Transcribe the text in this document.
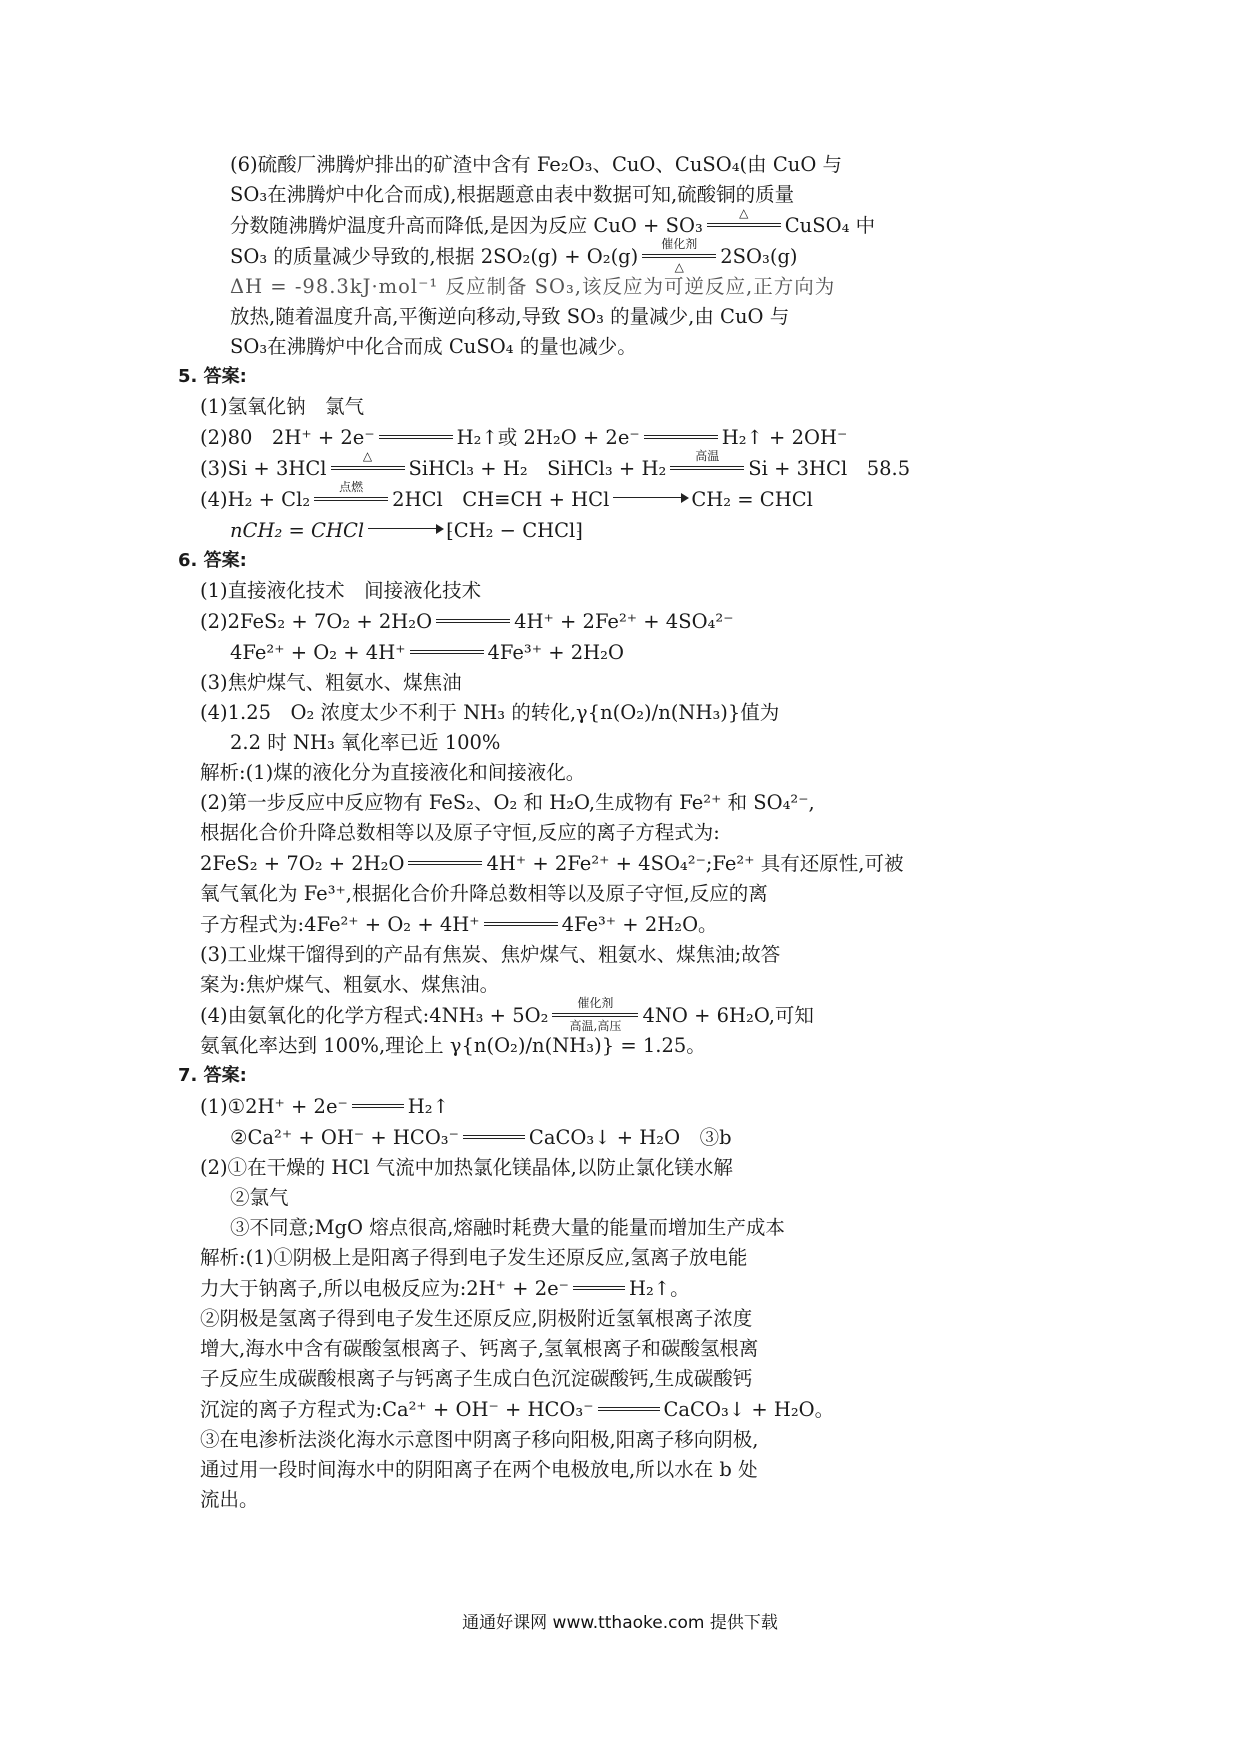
(6)硫酸厂沸腾炉排出的矿渣中含有 Fe₂O₃、CuO、CuSO₄(由 CuO 与

SO₃在沸腾炉中化合而成),根据题意由表中数据可知,硫酸铜的质量

分数随沸腾炉温度升高而降低,是因为反应 CuO + SO₃
△
CuSO₄ 中

SO₃ 的质量减少导致的,根据 2SO₂(g) + O₂(g)
催化剂
△	2SO₃(g)

ΔH = -98.3kJ·mol⁻¹ 反应制备 SO₃,该反应为可逆反应,正方向为

放热,随着温度升高,平衡逆向移动,导致 SO₃ 的量减少,由 CuO 与

SO₃在沸腾炉中化合而成 CuSO₄ 的量也减少。

5. 答案:

(1)氢氧化钠　氯气

(2)80　2H⁺ + 2e⁻	H₂↑或 2H₂O + 2e⁻	H₂↑ + 2OH⁻

(3)Si + 3HCl
△
SiHCl₃ + H₂　SiHCl₃ + H₂
高温
Si + 3HCl　58.5

(4)H₂ + Cl₂
点燃
2HCl　CH≡CH + HCl → CH₂ = CHCl

nCH₂ = CHCl → ⁅CH₂ − CHCl⁆

6. 答案:

(1)直接液化技术　间接液化技术

(2)2FeS₂ + 7O₂ + 2H₂O	4H⁺ + 2Fe²⁺ + 4SO₄²⁻

4Fe²⁺ + O₂ + 4H⁺	4Fe³⁺ + 2H₂O

(3)焦炉煤气、粗氨水、煤焦油

(4)1.25　O₂ 浓度太少不利于 NH₃ 的转化,γ{n(O₂)/n(NH₃)}值为

2.2 时 NH₃ 氧化率已近 100%

解析:(1)煤的液化分为直接液化和间接液化。

(2)第一步反应中反应物有 FeS₂、O₂ 和 H₂O,生成物有 Fe²⁺ 和 SO₄²⁻,

根据化合价升降总数相等以及原子守恒,反应的离子方程式为:

2FeS₂ + 7O₂ + 2H₂O	4H⁺ + 2Fe²⁺ + 4SO₄²⁻;Fe²⁺ 具有还原性,可被

氧气氧化为 Fe³⁺,根据化合价升降总数相等以及原子守恒,反应的离

子方程式为:4Fe²⁺ + O₂ + 4H⁺	4Fe³⁺ + 2H₂O。

(3)工业煤干馏得到的产品有焦炭、焦炉煤气、粗氨水、煤焦油;故答

案为:焦炉煤气、粗氨水、煤焦油。

(4)由氨氧化的化学方程式:4NH₃ + 5O₂
催化剂
高温,高压	4NO + 6H₂O,可知

氨氧化率达到 100%,理论上 γ{n(O₂)/n(NH₃)} = 1.25。

7. 答案:

(1)①2H⁺ + 2e⁻	H₂↑

②Ca²⁺ + OH⁻ + HCO₃⁻	CaCO₃↓ + H₂O　③b

(2)①在干燥的 HCl 气流中加热氯化镁晶体,以防止氯化镁水解

②氯气

③不同意;MgO 熔点很高,熔融时耗费大量的能量而增加生产成本

解析:(1)①阴极上是阳离子得到电子发生还原反应,氢离子放电能

力大于钠离子,所以电极反应为:2H⁺ + 2e⁻	H₂↑。

②阴极是氢离子得到电子发生还原反应,阴极附近氢氧根离子浓度

增大,海水中含有碳酸氢根离子、钙离子,氢氧根离子和碳酸氢根离

子反应生成碳酸根离子与钙离子生成白色沉淀碳酸钙,生成碳酸钙

沉淀的离子方程式为:Ca²⁺ + OH⁻ + HCO₃⁻	CaCO₃↓ + H₂O。

③在电渗析法淡化海水示意图中阴离子移向阳极,阳离子移向阴极,

通过用一段时间海水中的阴阳离子在两个电极放电,所以水在 b 处

流出。

通通好课网 www.tthaoke.com 提供下载
